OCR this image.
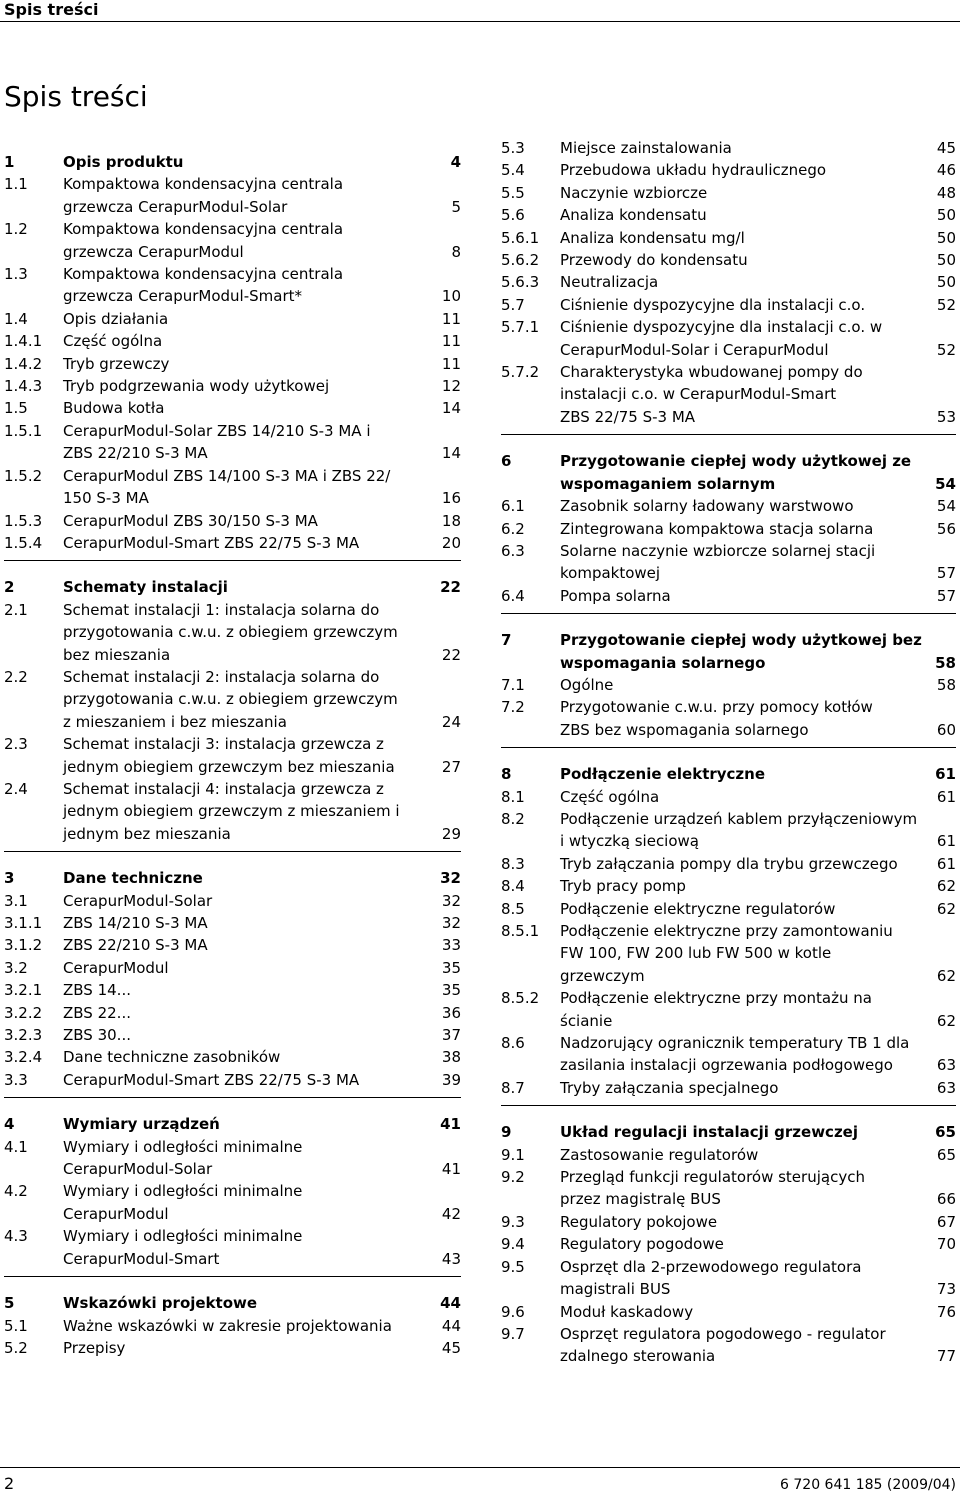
Spis treści
Spis treści
1	Opis produktu	4
1.1	Kompaktowa kondensacyjna centrala
grzewcza CerapurModul-Solar	5
1.2	Kompaktowa kondensacyjna centrala
grzewcza CerapurModul	8
1.3	Kompaktowa kondensacyjna centrala
grzewcza CerapurModul-Smart*	10
1.4	Opis działania	11
1.4.1	Część ogólna	11
1.4.2	Tryb grzewczy	11
1.4.3	Tryb podgrzewania wody użytkowej	12
1.5	Budowa kotła	14
1.5.1	CerapurModul-Solar ZBS 14/210 S-3 MA i
ZBS 22/210 S-3 MA	14
1.5.2	CerapurModul ZBS 14/100 S-3 MA i ZBS 22/
150 S-3 MA	16
1.5.3	CerapurModul ZBS 30/150 S-3 MA	18
1.5.4	CerapurModul-Smart ZBS 22/75 S-3 MA	20
2	Schematy instalacji	22
2.1	Schemat instalacji 1: instalacja solarna do
przygotowania c.w.u. z obiegiem grzewczym
bez mieszania	22
2.2	Schemat instalacji 2: instalacja solarna do
przygotowania c.w.u. z obiegiem grzewczym
z mieszaniem i bez mieszania	24
2.3	Schemat instalacji 3: instalacja grzewcza z
jednym obiegiem grzewczym bez mieszania	27
2.4	Schemat instalacji 4: instalacja grzewcza z
jednym obiegiem grzewczym z mieszaniem i
jednym bez mieszania	29
3	Dane techniczne	32
3.1	CerapurModul-Solar	32
3.1.1	ZBS 14/210 S-3 MA	32
3.1.2	ZBS 22/210 S-3 MA	33
3.2	CerapurModul	35
3.2.1	ZBS 14...	35
3.2.2	ZBS 22...	36
3.2.3	ZBS 30...	37
3.2.4	Dane techniczne zasobników	38
3.3	CerapurModul-Smart ZBS 22/75 S-3 MA	39
4	Wymiary urządzeń	41
4.1	Wymiary i odległości minimalne
CerapurModul-Solar	41
4.2	Wymiary i odległości minimalne
CerapurModul	42
4.3	Wymiary i odległości minimalne
CerapurModul-Smart	43
5	Wskazówki projektowe	44
5.1	Ważne wskazówki w zakresie projektowania	44
5.2	Przepisy	45
5.3	Miejsce zainstalowania	45
5.4	Przebudowa układu hydraulicznego	46
5.5	Naczynie wzbiorcze	48
5.6	Analiza kondensatu	50
5.6.1	Analiza kondensatu mg/l	50
5.6.2	Przewody do kondensatu	50
5.6.3	Neutralizacja	50
5.7	Ciśnienie dyspozycyjne dla instalacji c.o.	52
5.7.1	Ciśnienie dyspozycyjne dla instalacji c.o. w
CerapurModul-Solar i CerapurModul	52
5.7.2	Charakterystyka wbudowanej pompy do
instalacji c.o. w CerapurModul-Smart
ZBS 22/75 S-3 MA	53
6	Przygotowanie ciepłej wody użytkowej ze
wspomaganiem solarnym	54
6.1	Zasobnik solarny ładowany warstwowo	54
6.2	Zintegrowana kompaktowa stacja solarna	56
6.3	Solarne naczynie wzbiorcze solarnej stacji
kompaktowej	57
6.4	Pompa solarna	57
7	Przygotowanie ciepłej wody użytkowej bez
wspomagania solarnego	58
7.1	Ogólne	58
7.2	Przygotowanie c.w.u. przy pomocy kotłów
ZBS bez wspomagania solarnego	60
8	Podłączenie elektryczne	61
8.1	Część ogólna	61
8.2	Podłączenie urządzeń kablem przyłączeniowym
i wtyczką sieciową	61
8.3	Tryb załączania pompy dla trybu grzewczego	61
8.4	Tryb pracy pomp	62
8.5	Podłączenie elektryczne regulatorów	62
8.5.1	Podłączenie elektryczne przy zamontowaniu
FW 100, FW 200 lub FW 500 w kotle
grzewczym	62
8.5.2	Podłączenie elektryczne przy montażu na
ścianie	62
8.6	Nadzorujący ogranicznik temperatury TB 1 dla
zasilania instalacji ogrzewania podłogowego	63
8.7	Tryby załączania specjalnego	63
9	Układ regulacji instalacji grzewczej	65
9.1	Zastosowanie regulatorów	65
9.2	Przegląd funkcji regulatorów sterujących
przez magistralę BUS	66
9.3	Regulatory pokojowe	67
9.4	Regulatory pogodowe	70
9.5	Osprzęt dla 2-przewodowego regulatora
magistrali BUS	73
9.6	Moduł kaskadowy	76
9.7	Osprzęt regulatora pogodowego - regulator
zdalnego sterowania	77
2	6 720 641 185 (2009/04)
